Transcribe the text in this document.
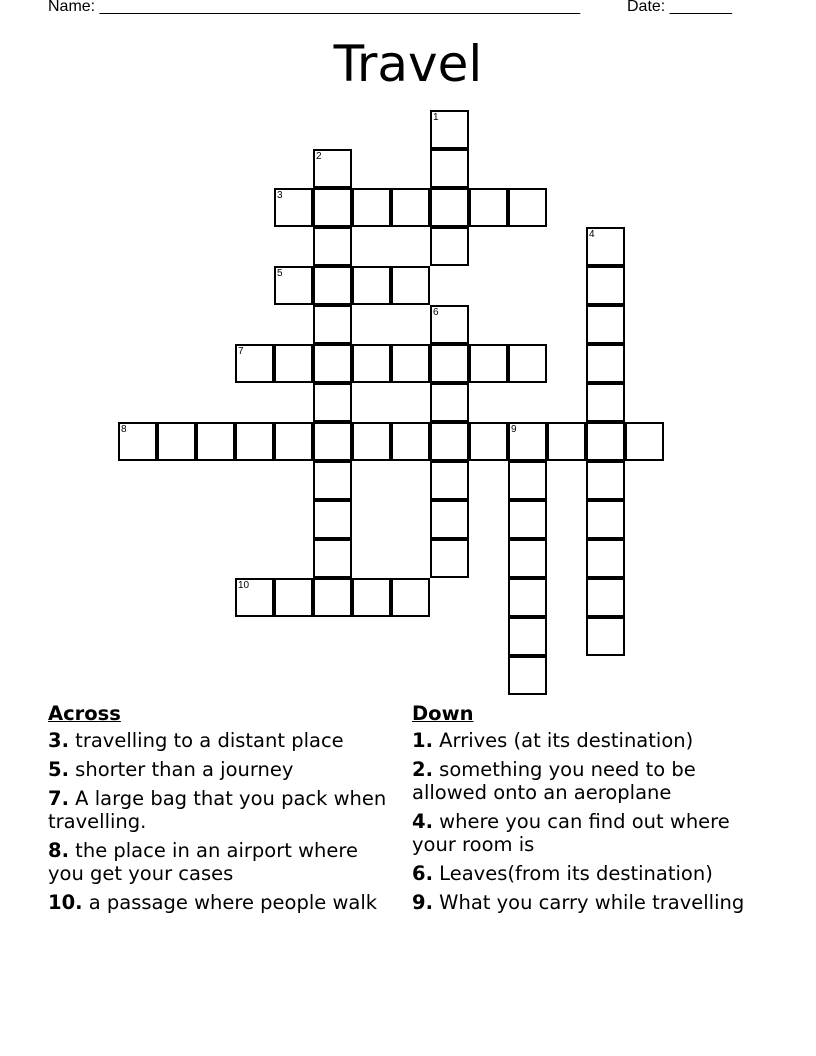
Name: ______________________________________________________	Date: _______
Travel
1
2
3
4
5
6
7
8	9
10
Across
3. travelling to a distant place
5. shorter than a journey
7. A large bag that you pack when travelling.
8. the place in an airport where you get your cases
10. a passage where people walk
Down
1. Arrives (at its destination)
2. something you need to be allowed onto an aeroplane
4. where you can find out where your room is
6. Leaves(from its destination)
9. What you carry while travelling
